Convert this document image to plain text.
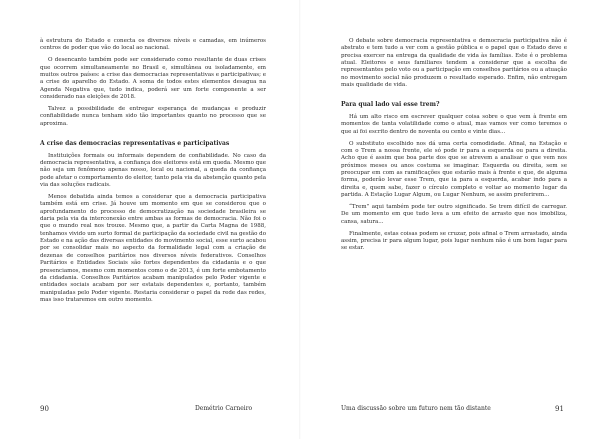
à estrutura do Estado e conecta os diversos níveis e camadas, em inúmeros centros de poder que vão do local ao nacional.

O desencanto também pode ser considerado como resultante de duas crises que ocorrem simultaneamente no Brasil e, simultânea ou isoladamente, em muitos outros países: a crise das democracias representativas e participativas; e a crise do aparelho do Estado. A soma de todos estes elementos desagua na Agenda Negativa que, tudo indica, poderá ser um forte componente a ser considerado nas eleições de 2018.

Talvez a possibilidade de entregar esperança de mudanças e produzir confiabilidade nunca tenham sido tão importantes quanto no processo que se aproxima.

A crise das democracias representativas e participativas

Instituições formais ou informais dependem de confiabilidade. No caso da democracia representativa, a confiança dos eleitores está em queda. Mesmo que não seja um fenômeno apenas nosso, local ou nacional, a queda da confiança pode afetar o comportamento do eleitor, tanto pela via da abstenção quanto pela via das soluções radicais.

Menos debatida ainda temos a considerar que a democracia participativa também está em crise. Já houve um momento em que se considerou que o aprofundamento do processo de democratização na sociedade brasileira se daria pela via da interconexão entre ambas as formas de democracia. Não foi o que o mundo real nos trouxe. Mesmo que, a partir da Carta Magna de 1988, tenhamos vivido um surto formal de participação da sociedade civil na gestão do Estado e na ação das diversas entidades do movimento social, esse surto acabou por se consolidar mais no aspecto da formalidade legal com a criação de dezenas de conselhos paritários nos diversos níveis federativos. Conselhos Paritários e Entidades Sociais são fortes dependentes da cidadania e o que presenciamos, mesmo com momentos como o de 2013, é um forte embotamento da cidadania. Conselhos Paritários acabam manipulados pelo Poder vigente e entidades sociais acabam por ser estatais dependentes e, portanto, também manipuladas pelo Poder vigente. Restaria considerar o papel da rede das redes, mas isso trataremos em outro momento.

O debate sobre democracia representativa e democracia participativa não é abstrato e tem tudo a ver com a gestão pública e o papel que o Estado deve e precisa exercer na entrega da qualidade de vida às famílias. Este é o problema atual. Eleitores e seus familiares tendem a considerar que a escolha de representantes pelo voto ou a participação em conselhos paritários ou a atuação no movimento social não produzem o resultado esperado. Enfim, não entregam mais qualidade de vida.

Para qual lado vai esse trem?

Há um alto risco em escrever qualquer coisa sobre o que vem à frente em momentos de tanta volatilidade como o atual, mas vamos ver como teremos o que ai foi escrito dentro de noventa ou cento e vinte dias...

O substituto escolhido nos dá uma certa comodidade. Afinal, na Estação e com o Trem a nossa frente, ele só pode ir para a esquerda ou para a direita. Acho que é assim que boa parte dos que se atrevem a analisar o que vem nos próximos meses ou anos costuma se imaginar. Esquerda ou direita, sem se preocupar em com as ramificações que estarão mais à frente e que, de alguma forma, poderão levar esse Trem, que ia para a esquerda, acabar indo para a direita e, quem sabe, fazer o círculo completo e voltar ao momento lugar da partida. A Estação Lugar Algum, ou Lugar Nenhum, se assim preferirem...

“Trem” aqui também pode ter outro significado. Se trem difícil de carregar. De um momento em que tudo leva a um efeito de arrasto que nos imobiliza, cansa, satura...

Finalmente, estas coisas podem se cruzar, pois afinal o Trem arrastado, ainda assim, precisa ir para algum lugar, pois lugar nenhum não é um bom lugar para se estar.

90	Demétrio Carneiro	Uma discussão sobre um futuro nem tão distante	91
